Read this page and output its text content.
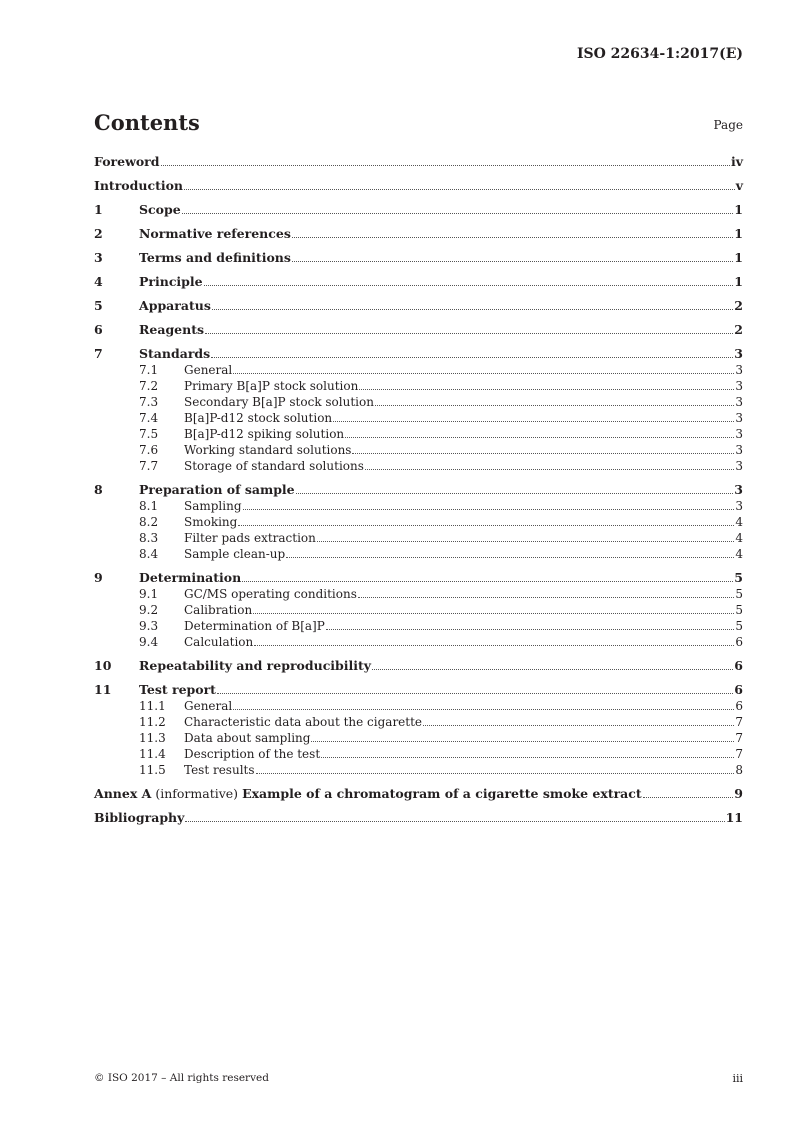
ISO 22634-1:2017(E)
Contents	Page
Foreword	iv
Introduction	v
1	Scope	1
2	Normative references	1
3	Terms and definitions	1
4	Principle	1
5	Apparatus	2
6	Reagents	2
7	Standards	3
7.1	General	3
7.2	Primary B[a]P stock solution	3
7.3	Secondary B[a]P stock solution	3
7.4	B[a]P-d12 stock solution	3
7.5	B[a]P-d12 spiking solution	3
7.6	Working standard solutions	3
7.7	Storage of standard solutions	3
8	Preparation of sample	3
8.1	Sampling	3
8.2	Smoking	4
8.3	Filter pads extraction	4
8.4	Sample clean-up	4
9	Determination	5
9.1	GC/MS operating conditions	5
9.2	Calibration	5
9.3	Determination of B[a]P	5
9.4	Calculation	6
10	Repeatability and reproducibility	6
11	Test report	6
11.1	General	6
11.2	Characteristic data about the cigarette	7
11.3	Data about sampling	7
11.4	Description of the test	7
11.5	Test results	8
Annex A (informative) Example of a chromatogram of a cigarette smoke extract	9
Bibliography	11
© ISO 2017 – All rights reserved	iii
